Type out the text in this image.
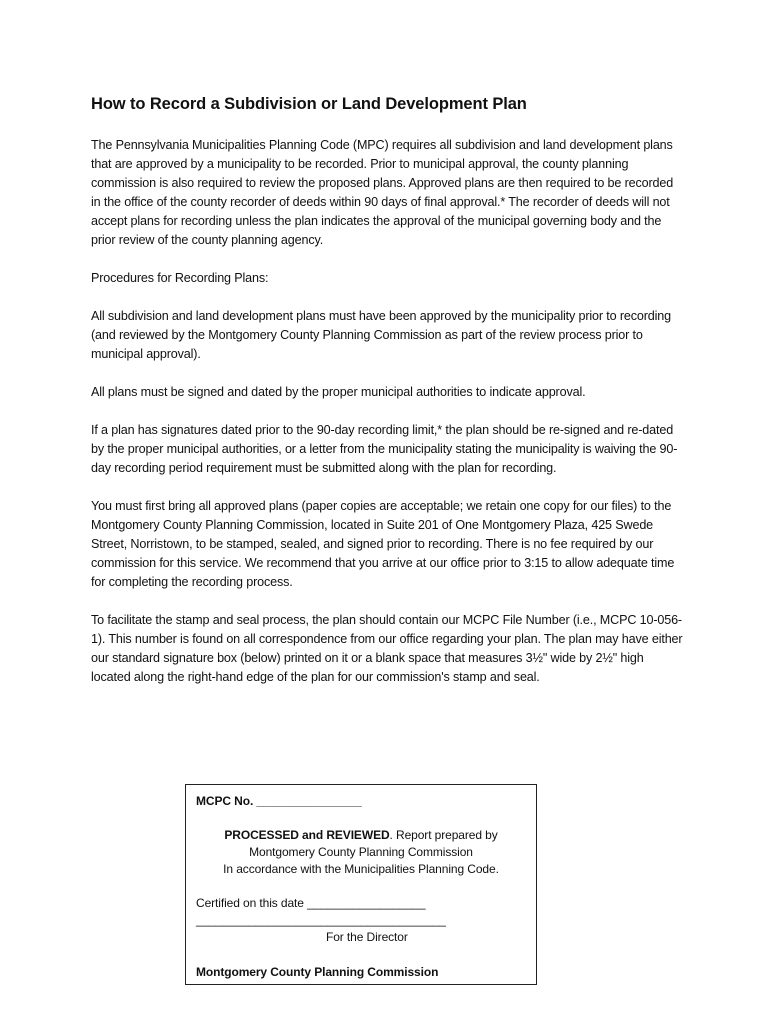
How to Record a Subdivision or Land Development Plan

The Pennsylvania Municipalities Planning Code (MPC) requires all subdivision and land development plans that are approved by a municipality to be recorded. Prior to municipal approval, the county planning commission is also required to review the proposed plans. Approved plans are then required to be recorded in the office of the county recorder of deeds within 90 days of final approval.* The recorder of deeds will not accept plans for recording unless the plan indicates the approval of the municipal governing body and the prior review of the county planning agency.

Procedures for Recording Plans:

All subdivision and land development plans must have been approved by the municipality prior to recording (and reviewed by the Montgomery County Planning Commission as part of the review process prior to municipal approval).

All plans must be signed and dated by the proper municipal authorities to indicate approval.

If a plan has signatures dated prior to the 90-day recording limit,* the plan should be re-signed and re-dated by the proper municipal authorities, or a letter from the municipality stating the municipality is waiving the 90-day recording period requirement must be submitted along with the plan for recording.

You must first bring all approved plans (paper copies are acceptable; we retain one copy for our files) to the Montgomery County Planning Commission, located in Suite 201 of One Montgomery Plaza, 425 Swede Street, Norristown, to be stamped, sealed, and signed prior to recording. There is no fee required by our commission for this service. We recommend that you arrive at our office prior to 3:15 to allow adequate time for completing the recording process.

To facilitate the stamp and seal process, the plan should contain our MCPC File Number (i.e., MCPC 10-056-1). This number is found on all correspondence from our office regarding your plan. The plan may have either our standard signature box (below) printed on it or a blank space that measures 3½" wide by 2½" high located along the right-hand edge of the plan for our commission's stamp and seal.

MCPC No. ________________
PROCESSED and REVIEWED. Report prepared by
Montgomery County Planning Commission
In accordance with the Municipalities Planning Code.
Certified on this date __________________
______________________________________
For the Director
Montgomery County Planning Commission
